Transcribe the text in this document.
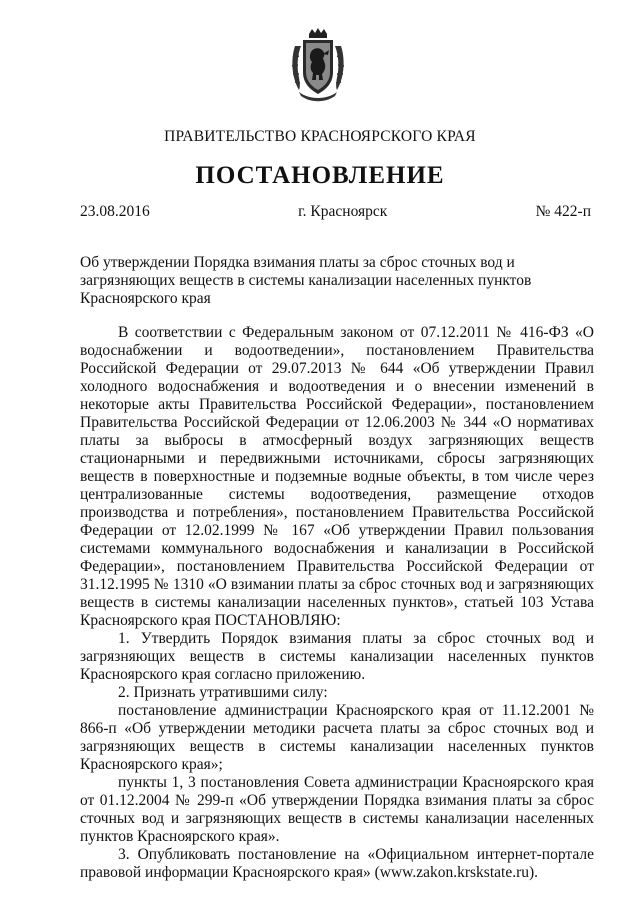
ПРАВИТЕЛЬСТВО КРАСНОЯРСКОГО КРАЯ
ПОСТАНОВЛЕНИЕ
23.08.2016	г. Красноярск	№ 422-п
Об утверждении Порядка взимания платы за сброс сточных вод и загрязняющих веществ в системы канализации населенных пунктов Красноярского края

В соответствии с Федеральным законом от 07.12.2011 № 416-ФЗ «О водоснабжении и водоотведении», постановлением Правительства Российской Федерации от 29.07.2013 № 644 «Об утверждении Правил холодного водоснабжения и водоотведения и о внесении изменений в некоторые акты Правительства Российской Федерации», постановлением Правительства Российской Федерации от 12.06.2003 № 344 «О нормативах платы за выбросы в атмосферный воздух загрязняющих веществ стационарными и передвижными источниками, сбросы загрязняющих веществ в поверхностные и подземные водные объекты, в том числе через централизованные системы водоотведения, размещение отходов производства и потребления», постановлением Правительства Российской Федерации от 12.02.1999 № 167 «Об утверждении Правил пользования системами коммунального водоснабжения и канализации в Российской Федерации», постановлением Правительства Российской Федерации от 31.12.1995 № 1310 «О взимании платы за сброс сточных вод и загрязняющих веществ в системы канализации населенных пунктов», статьей 103 Устава Красноярского края ПОСТАНОВЛЯЮ:

1. Утвердить Порядок взимания платы за сброс сточных вод и загрязняющих веществ в системы канализации населенных пунктов Красноярского края согласно приложению.

2. Признать утратившими силу:

постановление администрации Красноярского края от 11.12.2001 № 866-п «Об утверждении методики расчета платы за сброс сточных вод и загрязняющих веществ в системы канализации населенных пунктов Красноярского края»;

пункты 1, 3 постановления Совета администрации Красноярского края от 01.12.2004 № 299-п «Об утверждении Порядка взимания платы за сброс сточных вод и загрязняющих веществ в системы канализации населенных пунктов Красноярского края».

3. Опубликовать постановление на «Официальном интернет-портале правовой информации Красноярского края» (www.zakon.krskstate.ru).
